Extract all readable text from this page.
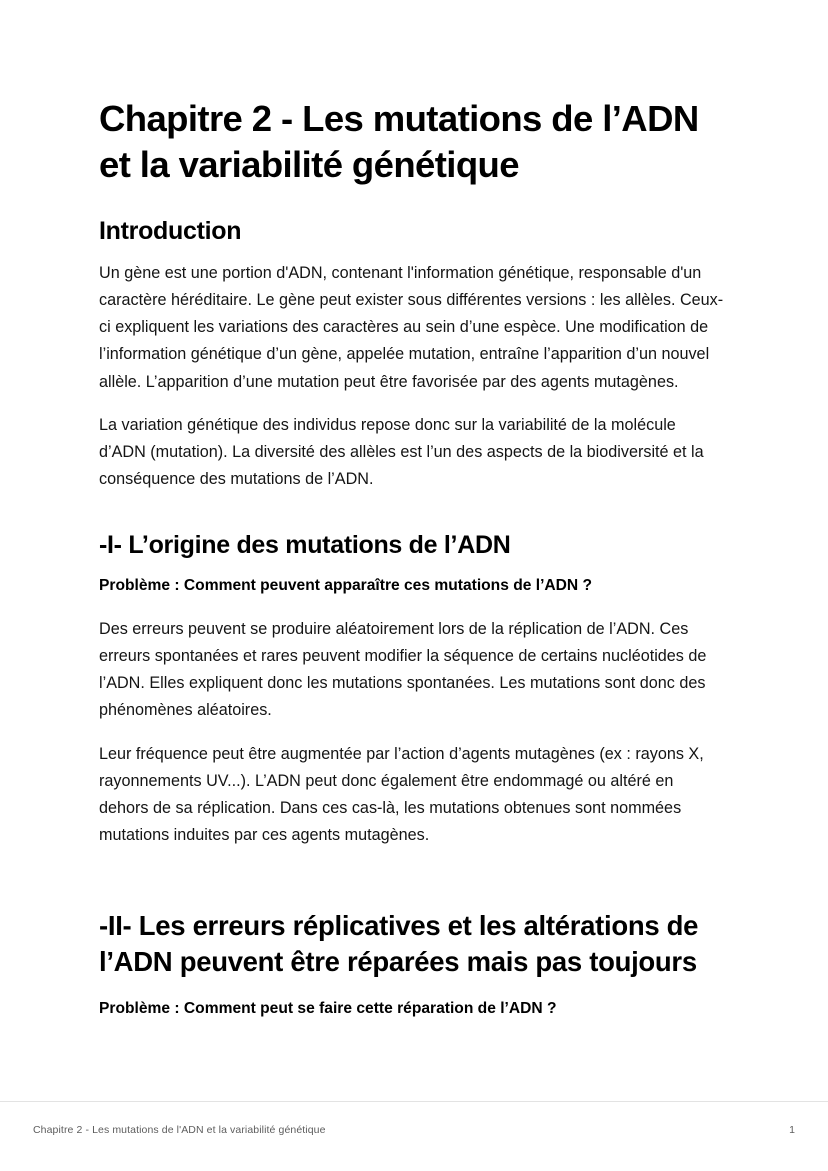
Chapitre 2 - Les mutations de l’ADN et la variabilité génétique
Introduction

Un gène est une portion d'ADN, contenant l'information génétique, responsable d'un caractère héréditaire. Le gène peut exister sous différentes versions : les allèles. Ceux-ci expliquent les variations des caractères au sein d’une espèce. Une modification de l’information génétique d’un gène, appelée mutation, entraîne l’apparition d’un nouvel allèle. L’apparition d’une mutation peut être favorisée par des agents mutagènes.

La variation génétique des individus repose donc sur la variabilité de la molécule d’ADN (mutation). La diversité des allèles est l’un des aspects de la biodiversité et la conséquence des mutations de l’ADN.

-I- L’origine des mutations de l’ADN

Problème : Comment peuvent apparaître ces mutations de l’ADN ?

Des erreurs peuvent se produire aléatoirement lors de la réplication de l’ADN. Ces erreurs spontanées et rares peuvent modifier la séquence de certains nucléotides de l’ADN. Elles expliquent donc les mutations spontanées. Les mutations sont donc des phénomènes aléatoires.

Leur fréquence peut être augmentée par l’action d’agents mutagènes (ex : rayons X, rayonnements UV...). L’ADN peut donc également être endommagé ou altéré en dehors de sa réplication. Dans ces cas-là, les mutations obtenues sont nommées mutations induites par ces agents mutagènes.

-II- Les erreurs réplicatives et les altérations de l’ADN peuvent être réparées mais pas toujours

Problème : Comment peut se faire cette réparation de l’ADN ?

Chapitre 2 - Les mutations de l'ADN et la variabilité génétique	1
